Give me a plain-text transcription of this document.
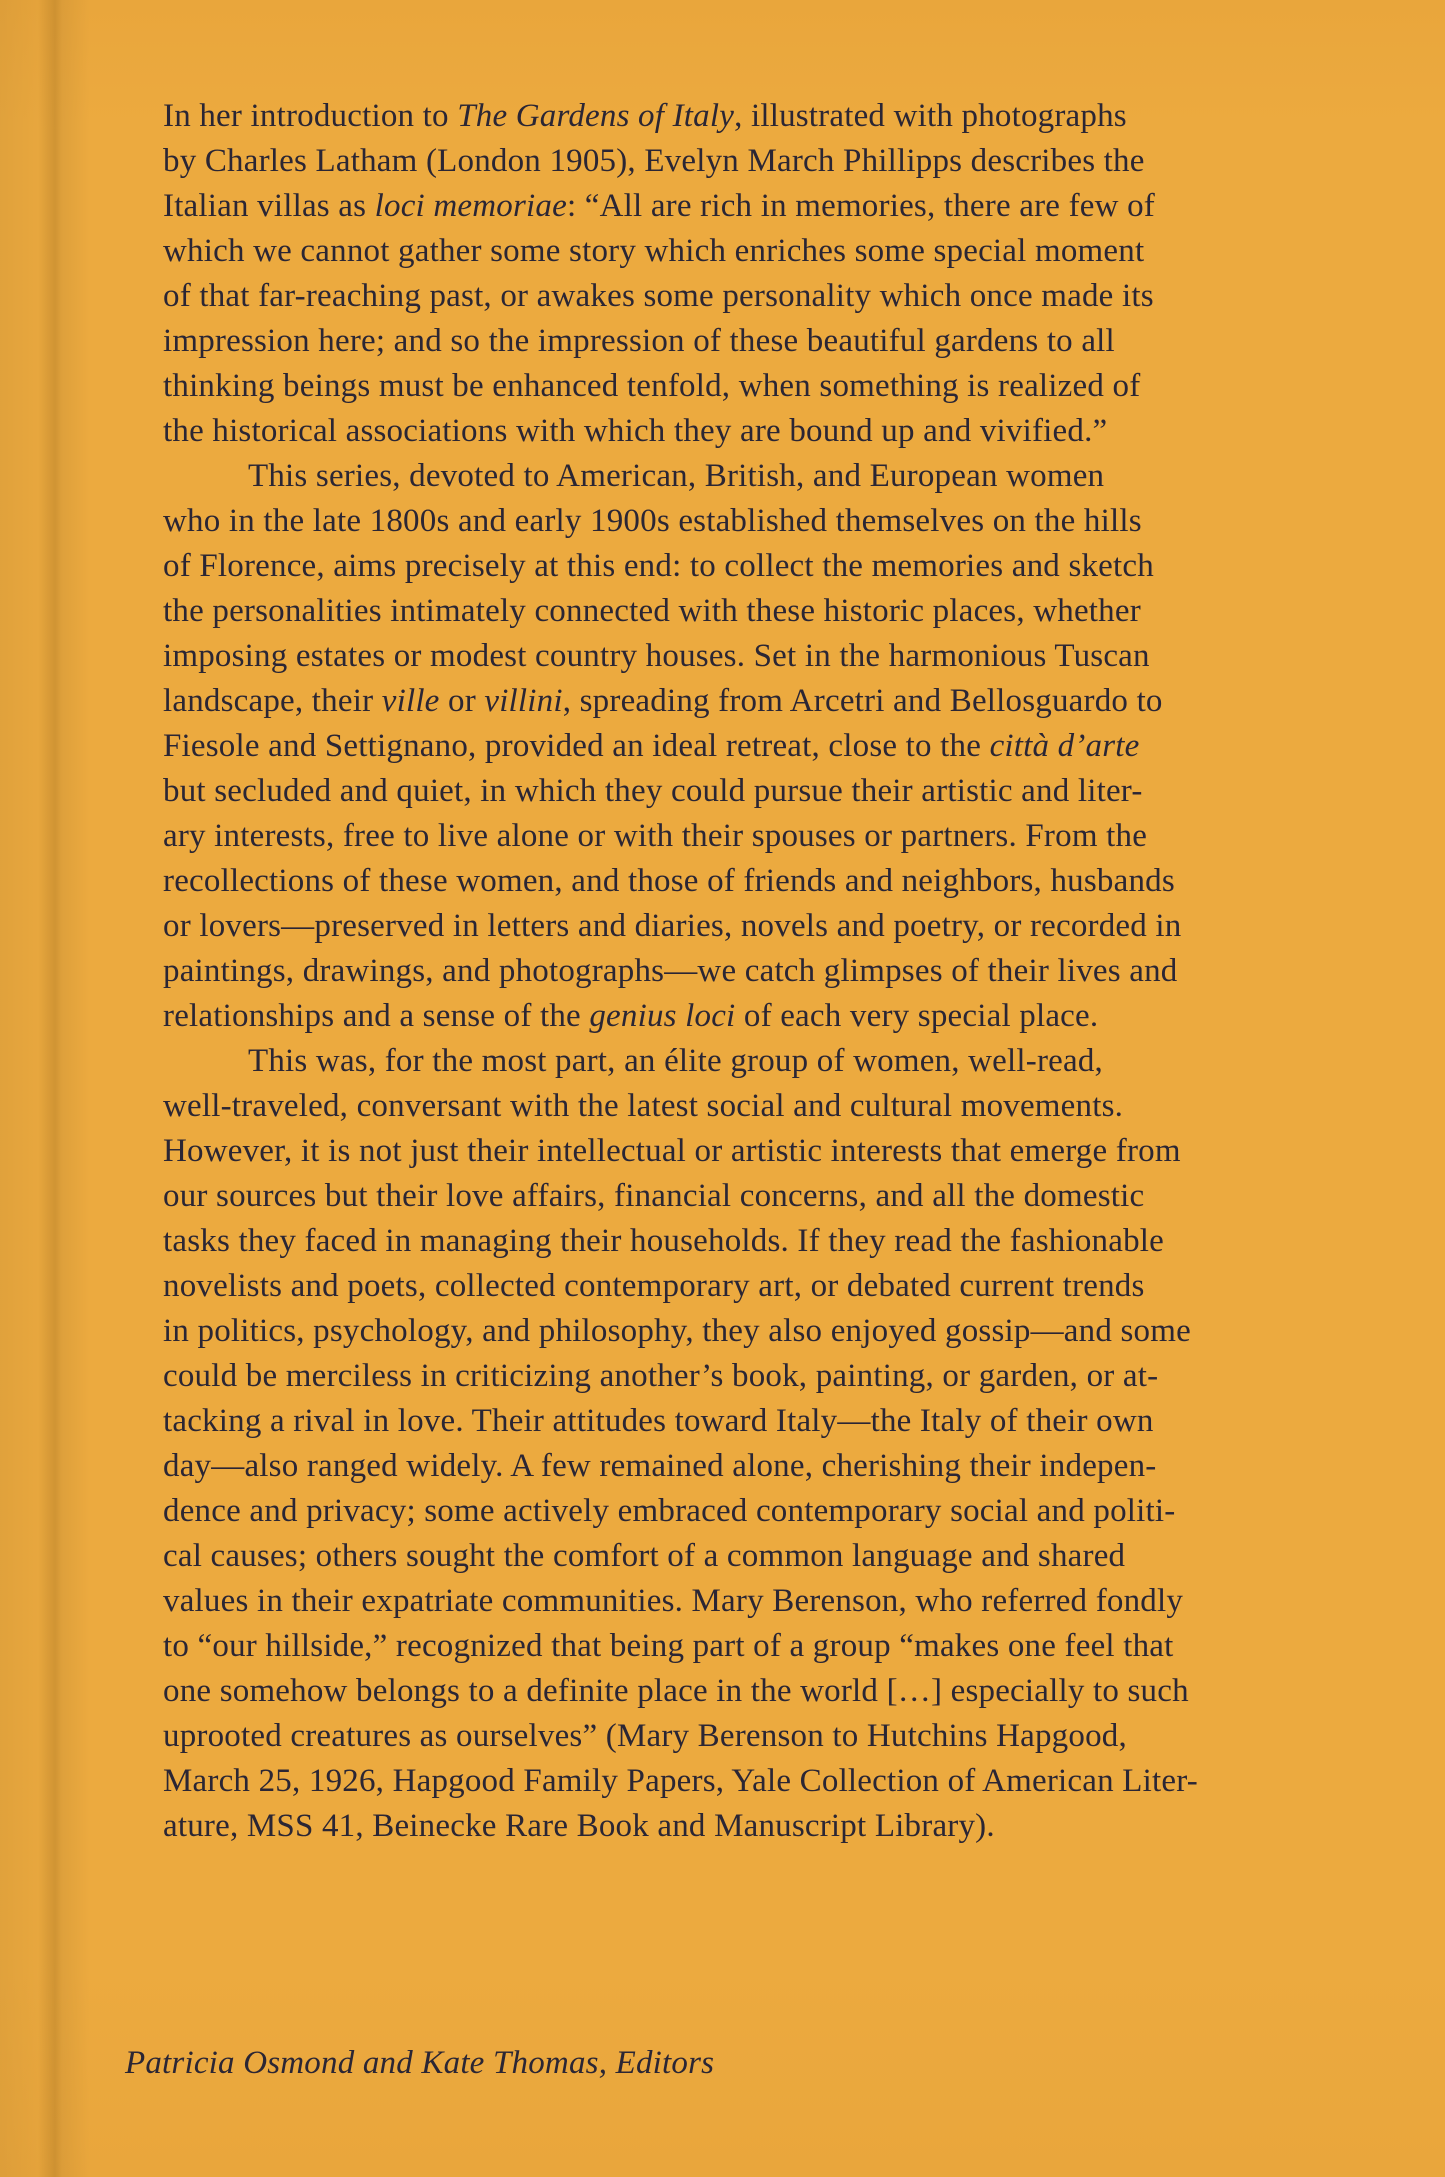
In her introduction to The Gardens of Italy, illustrated with photographs
by Charles Latham (London 1905), Evelyn March Phillipps describes the
Italian villas as loci memoriae: “All are rich in memories, there are few of
which we cannot gather some story which enriches some special moment
of that far-reaching past, or awakes some personality which once made its
impression here; and so the impression of these beautiful gardens to all
thinking beings must be enhanced tenfold, when something is realized of
the historical associations with which they are bound up and vivified.”
This series, devoted to American, British, and European women
who in the late 1800s and early 1900s established themselves on the hills
of Florence, aims precisely at this end: to collect the memories and sketch
the personalities intimately connected with these historic places, whether
imposing estates or modest country houses. Set in the harmonious Tuscan
landscape, their ville or villini, spreading from Arcetri and Bellosguardo to
Fiesole and Settignano, provided an ideal retreat, close to the città d’arte
but secluded and quiet, in which they could pursue their artistic and liter-
ary interests, free to live alone or with their spouses or partners. From the
recollections of these women, and those of friends and neighbors, husbands
or lovers—preserved in letters and diaries, novels and poetry, or recorded in
paintings, drawings, and photographs—we catch glimpses of their lives and
relationships and a sense of the genius loci of each very special place.
This was, for the most part, an élite group of women, well-read,
well-traveled, conversant with the latest social and cultural movements.
However, it is not just their intellectual or artistic interests that emerge from
our sources but their love affairs, financial concerns, and all the domestic
tasks they faced in managing their households. If they read the fashionable
novelists and poets, collected contemporary art, or debated current trends
in politics, psychology, and philosophy, they also enjoyed gossip—and some
could be merciless in criticizing another’s book, painting, or garden, or at-
tacking a rival in love. Their attitudes toward Italy—the Italy of their own
day—also ranged widely. A few remained alone, cherishing their indepen-
dence and privacy; some actively embraced contemporary social and politi-
cal causes; others sought the comfort of a common language and shared
values in their expatriate communities. Mary Berenson, who referred fondly
to “our hillside,” recognized that being part of a group “makes one feel that
one somehow belongs to a definite place in the world […] especially to such
uprooted creatures as ourselves” (Mary Berenson to Hutchins Hapgood,
March 25, 1926, Hapgood Family Papers, Yale Collection of American Liter-
ature, MSS 41, Beinecke Rare Book and Manuscript Library).
Patricia Osmond and Kate Thomas, Editors
